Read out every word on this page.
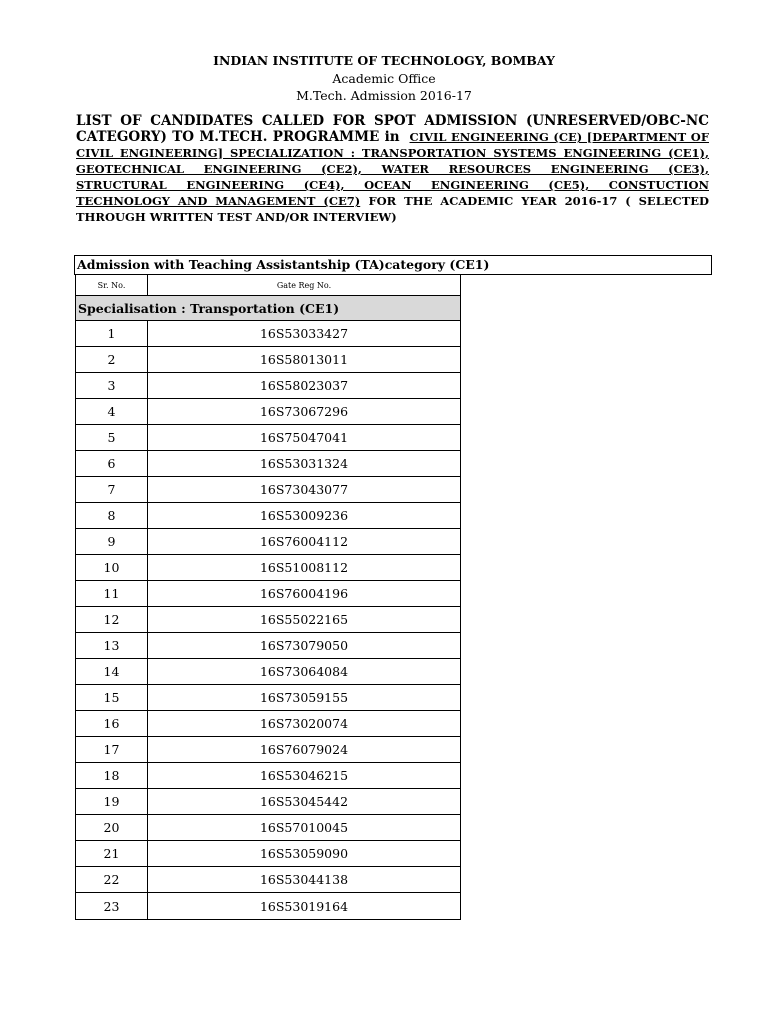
INDIAN INSTITUTE OF TECHNOLOGY, BOMBAY
Academic Office
M.Tech. Admission 2016-17
LIST OF CANDIDATES CALLED FOR SPOT ADMISSION (UNRESERVED/OBC-NC CATEGORY) TO M.TECH. PROGRAMME in CIVIL ENGINEERING (CE) [DEPARTMENT OF CIVIL ENGINEERING] SPECIALIZATION : TRANSPORTATION SYSTEMS ENGINEERING (CE1), GEOTECHNICAL ENGINEERING (CE2), WATER RESOURCES ENGINEERING (CE3), STRUCTURAL ENGINEERING (CE4), OCEAN ENGINEERING (CE5), CONSTUCTION TECHNOLOGY AND MANAGEMENT (CE7) FOR THE ACADEMIC YEAR 2016-17 ( SELECTED THROUGH WRITTEN TEST AND/OR INTERVIEW)
Admission with Teaching Assistantship (TA)category (CE1)
Sr. No.	Gate Reg No.
Specialisation : Transportation (CE1)	
1	16S53033427
2	16S58013011
3	16S58023037
4	16S73067296
5	16S75047041
6	16S53031324
7	16S73043077
8	16S53009236
9	16S76004112
10	16S51008112
11	16S76004196
12	16S55022165
13	16S73079050
14	16S73064084
15	16S73059155
16	16S73020074
17	16S76079024
18	16S53046215
19	16S53045442
20	16S57010045
21	16S53059090
22	16S53044138
23	16S53019164
